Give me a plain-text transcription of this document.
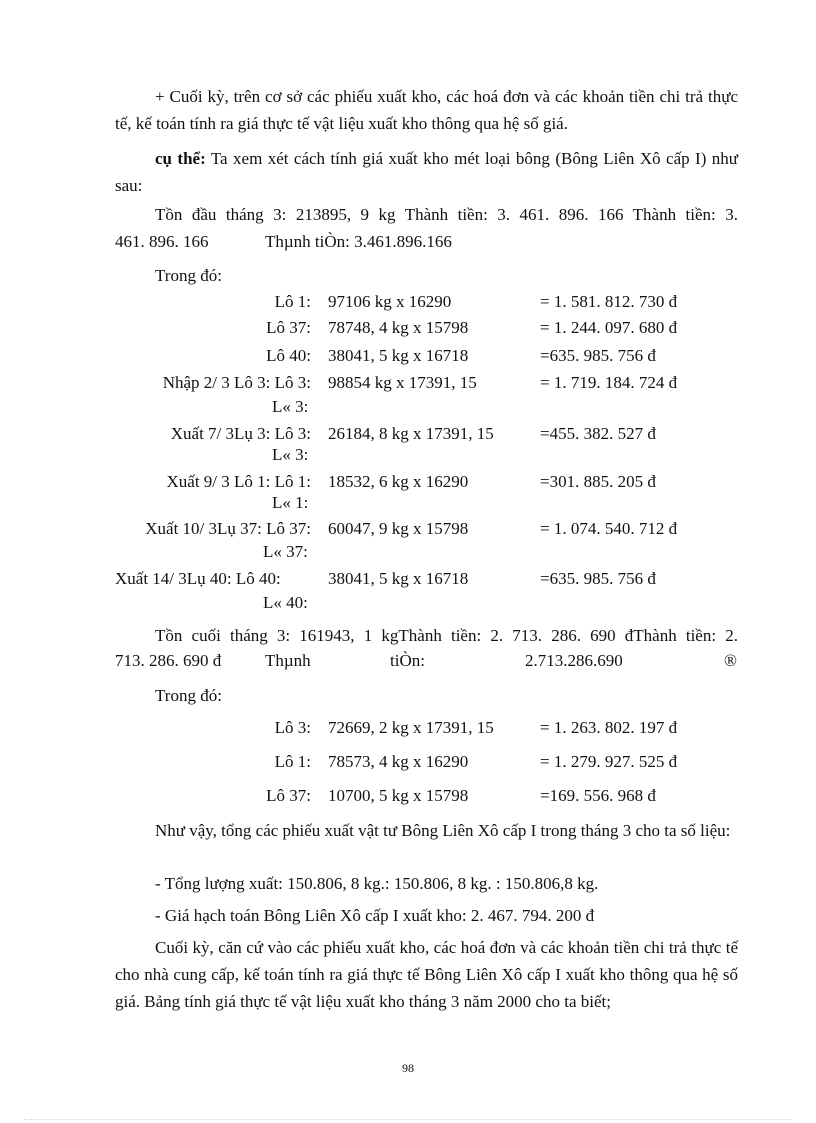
+ Cuối kỳ, trên cơ sở các phiếu xuất kho, các hoá đơn và các khoản tiền chi trả thực tế, kế toán tính ra giá thực tế vật liệu xuất kho thông qua hệ số giá.

cụ thể: Ta xem xét cách tính giá xuất kho mét loại bông (Bông Liên Xô cấp I) như sau:

Tồn đầu tháng 3: 213895, 9 kg Thành tiền: 3. 461. 896. 166 Thành tiền: 3.
461. 896. 166	Thµnh tiÒn: 3.461.896.166
Trong đó:
Lô 1: 97106 kg x 16290	= 1. 581. 812. 730 đ
Lô 37: 78748, 4 kg x 15798	= 1. 244. 097. 680 đ
Lô 40: 38041, 5 kg x 16718	=635. 985. 756 đ
Nhập 2/ 3 Lô 3: Lô 3: 98854 kg x 17391, 15	= 1. 719. 184. 724 đ
L« 3:
Xuất 7/ 3Lụ 3: Lô 3: 26184, 8 kg x 17391, 15	=455. 382. 527 đ
L« 3:
Xuất 9/ 3 Lô 1: Lô 1: 18532, 6 kg x 16290	=301. 885. 205 đ
L« 1:
Xuất 10/ 3Lụ 37: Lô 37: 60047, 9 kg x 15798	= 1. 074. 540. 712 đ
L« 37:
Xuất 14/ 3Lụ 40: Lô 40:	38041, 5 kg x 16718	=635. 985. 756 đ
L« 40:
Tồn cuối tháng 3: 161943, 1 kgThành tiền: 2. 713. 286. 690 đThành tiền: 2.
713. 286. 690 đ	Thµnh	tiÒn:	2.713.286.690	®
Trong đó:
Lô 3: 72669, 2 kg x 17391, 15	= 1. 263. 802. 197 đ
Lô 1: 78573, 4 kg x 16290	= 1. 279. 927. 525 đ
Lô 37: 10700, 5 kg x 15798	=169. 556. 968 đ

Như vậy, tổng các phiếu xuất vật tư Bông Liên Xô cấp I trong tháng 3 cho ta số liệu:

- Tổng lượng xuất: 150.806, 8 kg.: 150.806, 8 kg. : 150.806,8 kg.
- Giá hạch toán Bông Liên Xô cấp I xuất kho: 2. 467. 794. 200 đ

Cuối kỳ, căn cứ vào các phiếu xuất kho, các hoá đơn và các khoản tiền chi trả thực tế cho nhà cung cấp, kế toán tính ra giá thực tế Bông Liên Xô cấp I xuất kho thông qua hệ số giá. Bảng tính giá thực tế vật liệu xuất kho tháng 3 năm 2000 cho ta biết;

98
